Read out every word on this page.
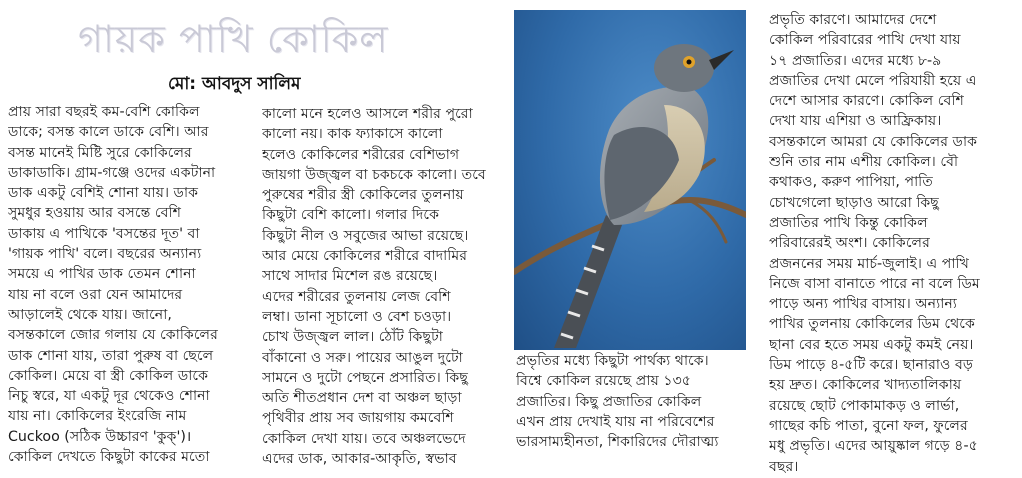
গায়ক পাখি কোকিল
মো: আবদুস সালিম
প্রায় সারা বছরই কম-বেশি কোকিল
ডাকে; বসন্ত কালে ডাকে বেশি। আর
বসন্ত মানেই মিষ্টি সুরে কোকিলের
ডাকাডাকি। গ্রাম-গঞ্জে ওদের একটানা
ডাক একটু বেশিই শোনা যায়। ডাক
সুমধুর হওয়ায় আর বসন্তে বেশি
ডাকায় এ পাখিকে 'বসন্তের দূত' বা
'গায়ক পাখি' বলে। বছরের অন্যান্য
সময়ে এ পাখির ডাক তেমন শোনা
যায় না বলে ওরা যেন আমাদের
আড়ালেই থেকে যায়। জানো,
বসন্তকালে জোর গলায় যে কোকিলের
ডাক শোনা যায়, তারা পুরুষ বা ছেলে
কোকিল। মেয়ে বা স্ত্রী কোকিল ডাকে
নিচু স্বরে, যা একটু দূর থেকেও শোনা
যায় না। কোকিলের ইংরেজি নাম
Cuckoo (সঠিক উচ্চারণ 'কুক্')।
কোকিল দেখতে কিছুটা কাকের মতো
কালো মনে হলেও আসলে শরীর পুরো
কালো নয়। কাক ফ্যাকাসে কালো
হলেও কোকিলের শরীরের বেশিভাগ
জায়গা উজ্জ্বল বা চকচকে কালো। তবে
পুরুষের শরীর স্ত্রী কোকিলের তুলনায়
কিছুটা বেশি কালো। গলার দিকে
কিছুটা নীল ও সবুজের আভা রয়েছে।
আর মেয়ে কোকিলের শরীরে বাদামির
সাথে সাদার মিশেল রঙ রয়েছে।
এদের শরীরের তুলনায় লেজ বেশি
লম্বা। ডানা সূচালো ও বেশ চওড়া।
চোখ উজ্জ্বল লাল। ঠোঁট কিছুটা
বাঁকানো ও সরু। পায়ের আঙুল দুটো
সামনে ও দুটো পেছনে প্রসারিত। কিছু
অতি শীতপ্রধান দেশ বা অঞ্চল ছাড়া
পৃথিবীর প্রায় সব জায়গায় কমবেশি
কোকিল দেখা যায়। তবে অঞ্চলভেদে
এদের ডাক, আকার-আকৃতি, স্বভাব
প্রভৃতির মধ্যে কিছুটা পার্থক্য থাকে।
বিশ্বে কোকিল রয়েছে প্রায় ১৩৫
প্রজাতির। কিছু প্রজাতির কোকিল
এখন প্রায় দেখাই যায় না পরিবেশের
ভারসাম্যহীনতা, শিকারিদের দৌরাত্ম্য
প্রভৃতি কারণে। আমাদের দেশে
কোকিল পরিবারের পাখি দেখা যায়
১৭ প্রজাতির। এদের মধ্যে ৮-৯
প্রজাতির দেখা মেলে পরিযায়ী হয়ে এ
দেশে আসার কারণে। কোকিল বেশি
দেখা যায় এশিয়া ও আফ্রিকায়।
বসন্তকালে আমরা যে কোকিলের ডাক
শুনি তার নাম এশীয় কোকিল। বৌ
কথাকও, করুণ পাপিয়া, পাতি
চোখগেলো ছাড়াও আরো কিছু
প্রজাতির পাখি কিন্তু কোকিল
পরিবারেরই অংশ। কোকিলের
প্রজননের সময় মার্চ-জুলাই। এ পাখি
নিজে বাসা বানাতে পারে না বলে ডিম
পাড়ে অন্য পাখির বাসায়। অন্যান্য
পাখির তুলনায় কোকিলের ডিম থেকে
ছানা বের হতে সময় একটু কমই নেয়।
ডিম পাড়ে ৪-৫টি করে। ছানারাও বড়
হয় দ্রুত। কোকিলের খাদ্যতালিকায়
রয়েছে ছোট পোকামাকড় ও লার্ভা,
গাছের কচি পাতা, বুনো ফল, ফুলের
মধু প্রভৃতি। এদের আয়ুষ্কাল গড়ে ৪-৫
বছর।
